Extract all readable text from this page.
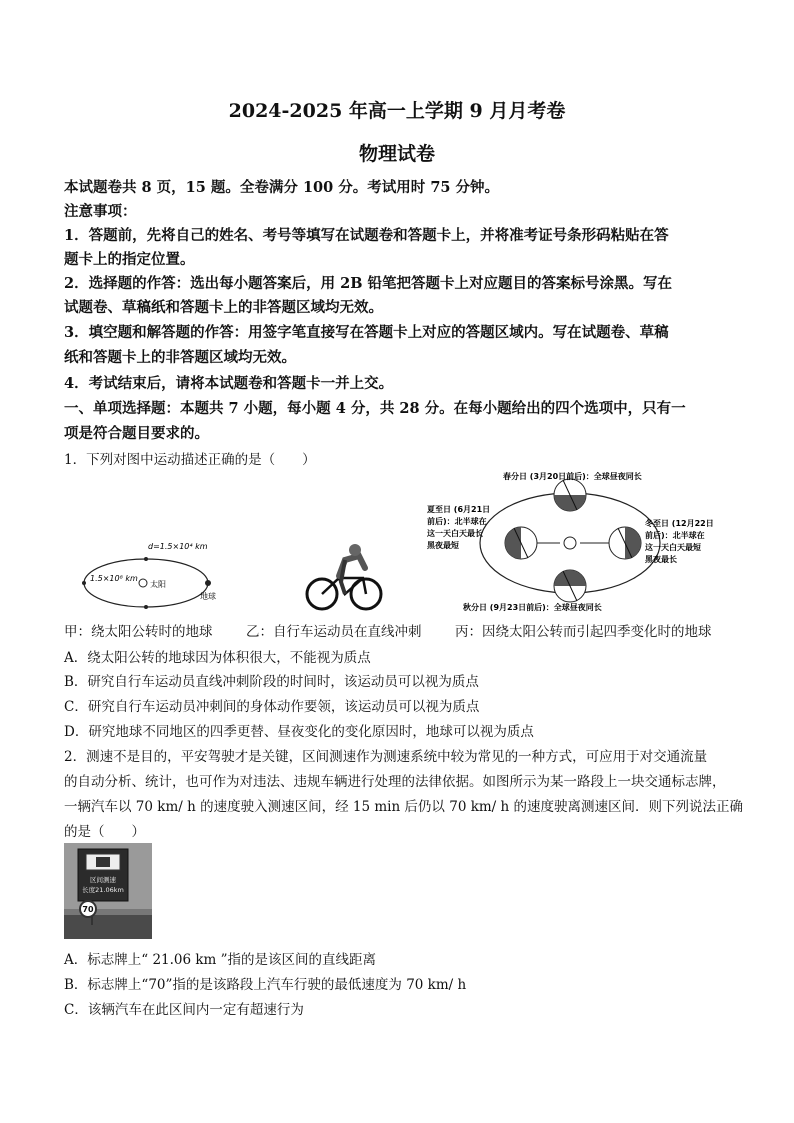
2024-2025 年高一上学期 9 月月考卷
物理试卷
本试题卷共 8 页，15 题。全卷满分 100 分。考试用时 75 分钟。
注意事项：
1．答题前，先将自己的姓名、考号等填写在试题卷和答题卡上，并将准考证号条形码粘贴在答
题卡上的指定位置。
2．选择题的作答：选出每小题答案后，用 2B 铅笔把答题卡上对应题目的答案标号涂黑。写在
试题卷、草稿纸和答题卡上的非答题区域均无效。
3．填空题和解答题的作答：用签字笔直接写在答题卡上对应的答题区域内。写在试题卷、草稿
纸和答题卡上的非答题区域均无效。
4．考试结束后，请将本试题卷和答题卡一并上交。
一、单项选择题：本题共 7 小题，每小题 4 分，共 28 分。在每小题给出的四个选项中，只有一
项是符合题目要求的。
1．下列对图中运动描述正确的是（　　）
d=1.5×10⁴ km
1.5×10⁸ km
太阳
地球
春分日 (3月20日前后)：全球昼夜同长
夏至日 (6月21日
前后)：北半球在
这一天白天最长
黑夜最短
冬至日 (12月22日
前后)：北半球在
这一天白天最短
黑夜最长
秋分日 (9月23日前后)：全球昼夜同长
甲：绕太阳公转时的地球 乙：自行车运动员在直线冲刺 丙：因绕太阳公转而引起四季变化时的地球
A．绕太阳公转的地球因为体积很大，不能视为质点
B．研究自行车运动员直线冲刺阶段的时间时，该运动员可以视为质点
C．研究自行车运动员冲刺间的身体动作要领，该运动员可以视为质点
D．研究地球不同地区的四季更替、昼夜变化的变化原因时，地球可以视为质点
2．测速不是目的，平安驾驶才是关键，区间测速作为测速系统中较为常见的一种方式，可应用于对交通流量
的自动分析、统计，也可作为对违法、违规车辆进行处理的法律依据。如图所示为某一路段上一块交通标志牌，
一辆汽车以 70 km/ h 的速度驶入测速区间，经 15 min 后仍以 70 km/ h 的速度驶离测速区间．则下列说法正确
的是（　　）
区间测速
长度21.06km
70
A．标志牌上“ 21.06 km ”指的是该区间的直线距离
B．标志牌上“70”指的是该路段上汽车行驶的最低速度为 70 km/ h
C．该辆汽车在此区间内一定有超速行为
